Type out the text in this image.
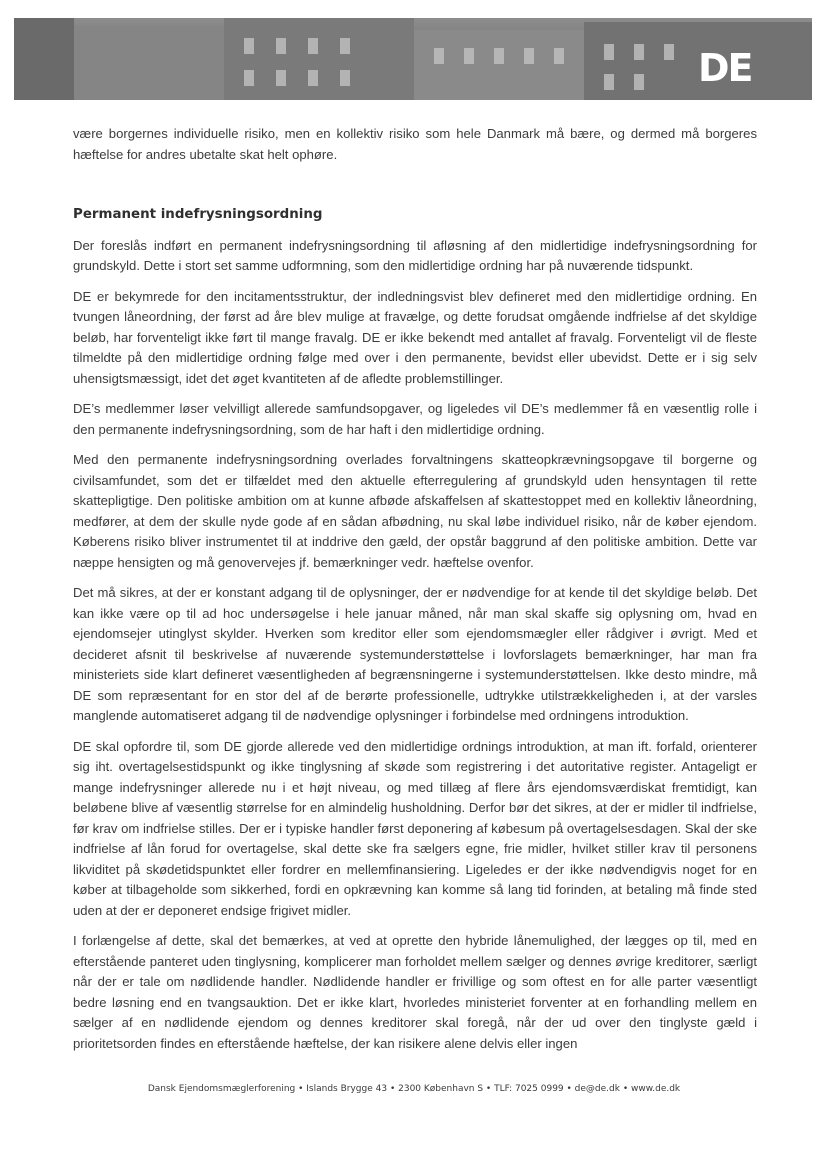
DE

være borgernes individuelle risiko, men en kollektiv risiko som hele Danmark må bære, og dermed må borgeres hæftelse for andres ubetalte skat helt ophøre.

Permanent indefrysningsordning

Der foreslås indført en permanent indefrysningsordning til afløsning af den midlertidige indefrysningsordning for grundskyld. Dette i stort set samme udformning, som den midlertidige ordning har på nuværende tidspunkt.

DE er bekymrede for den incitamentsstruktur, der indledningsvist blev defineret med den midlertidige ordning. En tvungen låneordning, der først ad åre blev mulige at fravælge, og dette forudsat omgående indfrielse af det skyldige beløb, har forventeligt ikke ført til mange fravalg. DE er ikke bekendt med antallet af fravalg. Forventeligt vil de fleste tilmeldte på den midlertidige ordning følge med over i den permanente, bevidst eller ubevidst. Dette er i sig selv uhensigtsmæssigt, idet det øget kvantiteten af de afledte problemstillinger.

DE’s medlemmer løser velvilligt allerede samfundsopgaver, og ligeledes vil DE’s medlemmer få en væsentlig rolle i den permanente indefrysningsordning, som de har haft i den midlertidige ordning.

Med den permanente indefrysningsordning overlades forvaltningens skatteopkrævningsopgave til borgerne og civilsamfundet, som det er tilfældet med den aktuelle efterregulering af grundskyld uden hensyntagen til rette skattepligtige. Den politiske ambition om at kunne afbøde afskaffelsen af skattestoppet med en kollektiv låneordning, medfører, at dem der skulle nyde gode af en sådan afbødning, nu skal løbe individuel risiko, når de køber ejendom. Køberens risiko bliver instrumentet til at inddrive den gæld, der opstår baggrund af den politiske ambition. Dette var næppe hensigten og må genovervejes jf. bemærkninger vedr. hæftelse ovenfor.

Det må sikres, at der er konstant adgang til de oplysninger, der er nødvendige for at kende til det skyldige beløb. Det kan ikke være op til ad hoc undersøgelse i hele januar måned, når man skal skaffe sig oplysning om, hvad en ejendomsejer utinglyst skylder. Hverken som kreditor eller som ejendomsmægler eller rådgiver i øvrigt. Med et decideret afsnit til beskrivelse af nuværende systemunderstøttelse i lovforslagets bemærkninger, har man fra ministeriets side klart defineret væsentligheden af begrænsningerne i systemunderstøttelsen. Ikke desto mindre, må DE som repræsentant for en stor del af de berørte professionelle, udtrykke utilstrækkeligheden i, at der varsles manglende automatiseret adgang til de nødvendige oplysninger i forbindelse med ordningens introduktion.

DE skal opfordre til, som DE gjorde allerede ved den midlertidige ordnings introduktion, at man ift. forfald, orienterer sig iht. overtagelsestidspunkt og ikke tinglysning af skøde som registrering i det autoritative register. Antageligt er mange indefrysninger allerede nu i et højt niveau, og med tillæg af flere års ejendomsværdiskat fremtidigt, kan beløbene blive af væsentlig størrelse for en almindelig husholdning. Derfor bør det sikres, at der er midler til indfrielse, før krav om indfrielse stilles. Der er i typiske handler først deponering af købesum på overtagelsesdagen. Skal der ske indfrielse af lån forud for overtagelse, skal dette ske fra sælgers egne, frie midler, hvilket stiller krav til personens likviditet på skødetidspunktet eller fordrer en mellemfinansiering. Ligeledes er der ikke nødvendigvis noget for en køber at tilbageholde som sikkerhed, fordi en opkrævning kan komme så lang tid forinden, at betaling må finde sted uden at der er deponeret endsige frigivet midler.

I forlængelse af dette, skal det bemærkes, at ved at oprette den hybride lånemulighed, der lægges op til, med en efterstående panteret uden tinglysning, komplicerer man forholdet mellem sælger og dennes øvrige kreditorer, særligt når der er tale om nødlidende handler. Nødlidende handler er frivillige og som oftest en for alle parter væsentligt bedre løsning end en tvangsauktion. Det er ikke klart, hvorledes ministeriet forventer at en forhandling mellem en sælger af en nødlidende ejendom og dennes kreditorer skal foregå, når der ud over den tinglyste gæld i prioritetsorden findes en efterstående hæftelse, der kan risikere alene delvis eller ingen

Dansk Ejendomsmæglerforening • Islands Brygge 43 • 2300 København S • TLF: 7025 0999 • de@de.dk • www.de.dk
